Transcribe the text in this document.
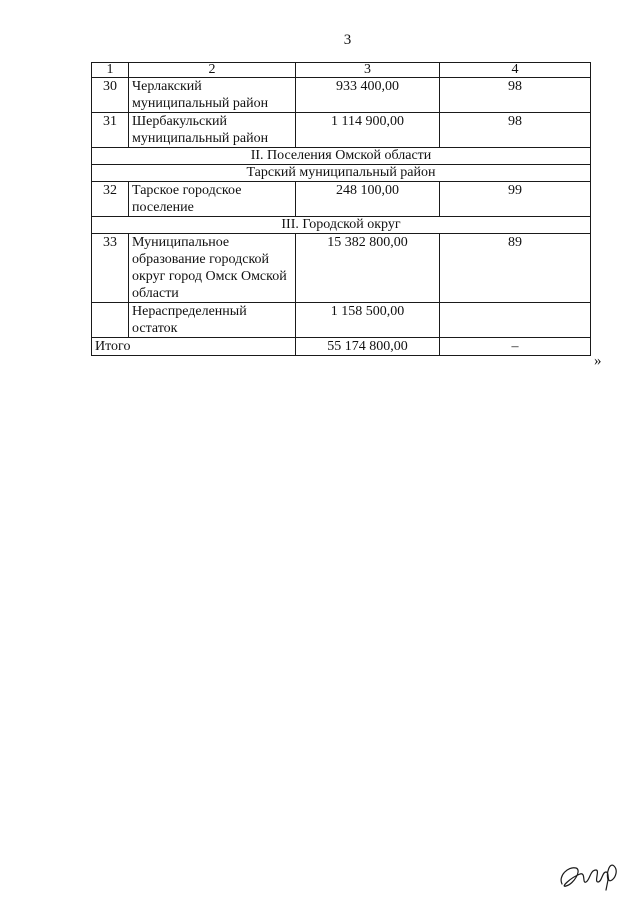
3
1	2	3	4
30	Черлакский муниципальный район	933 400,00	98
31	Шербакульский муниципальный район	1 114 900,00	98
II. Поселения Омской области			
Тарский муниципальный район			
32	Тарское городское поселение	248 100,00	99
III. Городской округ			
33	Муниципальное образование городской округ город Омск Омской области	15 382 800,00	89
	Нераспределенный остаток	1 158 500,00	
Итого		55 174 800,00	–
»
